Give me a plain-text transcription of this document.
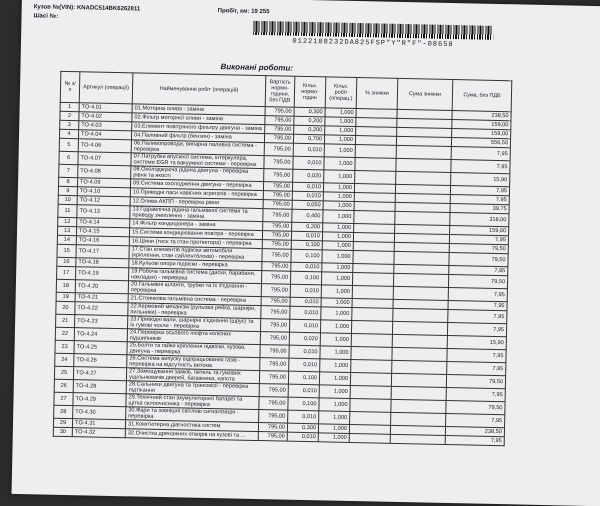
Кузов №(VIN): KNADC514BK6262811
Шасі №:
Пробіг, км: 19 255
0122108232DA825FSP"Y"R"F"-08658
Виконані роботи:
№ з/п	Артикул (операції)	Найменування робіт (операцій)	Вартість нормо-години, без ПДВ	Кільк. нормо-годин	Кільк. робіт (операц.)	% знижки	Сума знижки	Сума, без ПДВ
1	TO-4.01	01.Моторна олива - заміна	795,00	0,300	1,000			238,50
2	TO-4.02	02.Фільтр моторної оливи - заміна	795,00	0,200	1,000			159,00
3	TO-4.03	03.Елемент повітряного фільтру двигуна - заміна	795,00	0,200	1,000			159,00
4	TO-4.04	04.Паливний фільтр (бензин) - заміна	795,00	0,700	1,000			556,50
5	TO-4.06	06.Паливопроводи, випарна паливна система - перевірка	795,00	0,010	1,000			7,95
6	TO-4.07	07.Патрубки впускної системи, інтеркулера, системи EGR та вакуумної системи - перевірка	795,00	0,010	1,000			7,95
7	TO-4.08	08.Охолоджуюча рідина двигуна - перевірка рівня та якості	795,00	0,020	1,000			15,90
8	TO-4.09	09.Система охолодження двигуна - перевірка	795,00	0,010	1,000			7,95
9	TO-4.10	10.Приводні паси навісних агрегатів - перевірка	795,00	0,010	1,000			7,95
10	TO-4.12	12.Олива АКПП - перевірка рівня	795,00	0,050	1,000			39,75
11	TO-4.13	13.Гідравлічна рідина гальмівної системи та приводу зчеплення - заміна	795,00	0,400	1,000			318,00
12	TO-4.14	14.Фільтр кондиціонера - заміна	795,00	0,200	1,000			159,00
13	TO-4.15	15.Система кондиціювання повітря - перевірка	795,00	0,010	1,000			7,95
14	TO-4.16	16.Шини (тиск та стан протектора) - перевірка	795,00	0,100	1,000			79,50
15	TO-4.17	17.Стан елементів підвіски автомобіля (кріплення, стан сайлентблоків) - перевірка	795,00	0,100	1,000			79,50
16	TO-4.18	18.Кульові опори підвіски - перевірка	795,00	0,010	1,000			7,95
17	TO-4.19	19.Робоча гальмівна система (диски, барабани, накладки) - перевірка	795,00	0,100	1,000			79,50
18	TO-4.20	20.Гальмівні шланги, трубки та їх з'єднання - перевірка	795,00	0,010	1,000			7,95
19	TO-4.21	21.Стоянкова гальмівна система - перевірка	795,00	0,010	1,000			7,95
20	TO-4.22	22.Кермовий механізм (рульова рейка, шарніри, пильники) - перевірка	795,00	0,010	1,000			7,95
21	TO-4.23	23.Приводні вали, шарнірні з'єднання (шрус) та їх гумові чохли - перевірка	795,00	0,010	1,000			7,95
22	TO-4.24	24.Перевірка осьового люфта колісних підшипників	795,00	0,020	1,000			15,90
23	TO-4.25	25.Болти та гайки кріплення підвіски, кузова, двигуна - перевірка	795,00	0,010	1,000			7,95
24	TO-4.26	26.Система випуску відпрацьованих газів - перевірка на відсутність витоків	795,00	0,010	1,000			7,95
25	TO-4.27	27.Замощування замків, петель та гумових ущільнювачів дверей, багажника, капота	795,00	0,100	1,000			79,50
26	TO-4.28	28.Сальники двигуна та трансмісії - перевірка підтікання	795,00	0,010	1,000			7,95
27	TO-4.29	29.Технічний стан акумуляторної батареї та щітка склоочисника - перевірка	795,00	0,100	1,000			79,50
28	TO-4.30	30.Фари та зовнішні світлові сигналізація - перевірка	795,00	0,010	1,000			7,95
29	TO-4.31	31.Комп'ютерна діагностика систем	795,00	0,300	1,000			238,50
30	TO-4.32	32.Очистка дренажних отворів на кузові та ...	795,00	0,010	1,000			7,95
